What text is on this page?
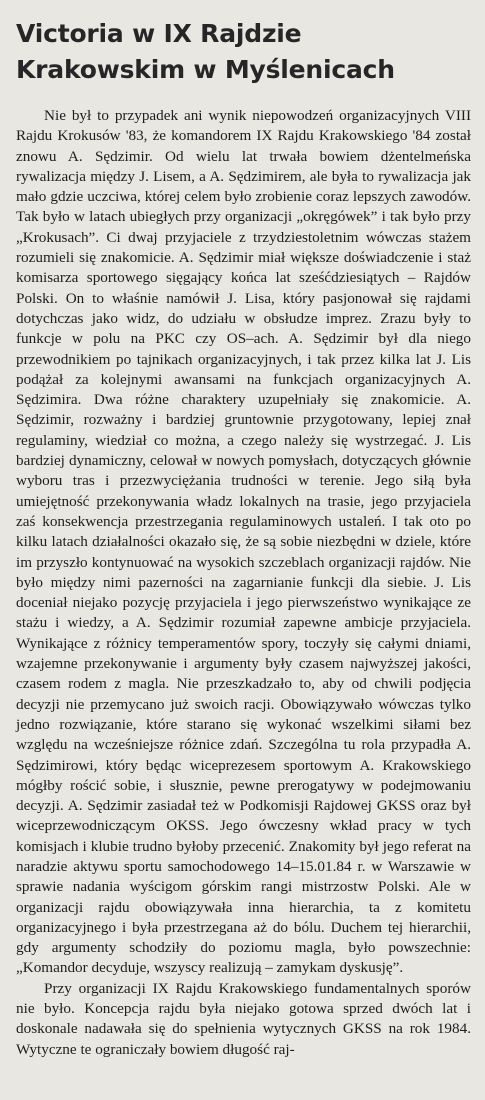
Victoria w IX Rajdzie
Krakowskim w Myślenicach

Nie był to przypadek ani wynik niepowodzeń organizacyjnych VIII Rajdu Krokusów '83, że komandorem IX Rajdu Krakowskiego '84 został znowu A. Sędzimir. Od wielu lat trwała bowiem dżentelmeńska rywalizacja między J. Lisem, a A. Sędzimirem, ale była to rywalizacja jak mało gdzie uczciwa, której celem było zrobienie coraz lepszych zawodów. Tak było w latach ubiegłych przy organizacji „okręgówek” i tak było przy „Krokusach”. Ci dwaj przyjaciele z trzydziestoletnim wówczas stażem rozumieli się znakomicie. A. Sędzimir miał większe doświadczenie i staż komisarza sportowego sięgający końca lat sześćdziesiątych – Rajdów Polski. On to właśnie namówił J. Lisa, który pasjonował się rajdami dotychczas jako widz, do udziału w obsłudze imprez. Zrazu były to funkcje w polu na PKC czy OS–ach. A. Sędzimir był dla niego przewodnikiem po tajnikach organizacyjnych, i tak przez kilka lat J. Lis podążał za kolejnymi awansami na funkcjach organizacyjnych A. Sędzimira. Dwa różne charaktery uzupełniały się znakomicie. A. Sędzimir, rozważny i bardziej gruntownie przygotowany, lepiej znał regulaminy, wiedział co można, a czego należy się wystrzegać. J. Lis bardziej dynamiczny, celował w nowych pomysłach, dotyczących głównie wyboru tras i przezwyciężania trudności w terenie. Jego siłą była umiejętność przekonywania władz lokalnych na trasie, jego przyjaciela zaś konsekwencja przestrzegania regulaminowych ustaleń. I tak oto po kilku latach działalności okazało się, że są sobie niezbędni w dziele, które im przyszło kontynuować na wysokich szczeblach organizacji rajdów. Nie było między nimi pazerności na zagarnianie funkcji dla siebie. J. Lis doceniał niejako pozycję przyjaciela i jego pierwszeństwo wynikające ze stażu i wiedzy, a A. Sędzimir rozumiał zapewne ambicje przyjaciela. Wynikające z różnicy temperamentów spory, toczyły się całymi dniami, wzajemne przekonywanie i argumenty były czasem najwyższej jakości, czasem rodem z magla. Nie przeszkadzało to, aby od chwili podjęcia decyzji nie przemycano już swoich racji. Obowiązywało wówczas tylko jedno rozwiązanie, które starano się wykonać wszelkimi siłami bez względu na wcześniejsze różnice zdań. Szczególna tu rola przypadła A. Sędzimirowi, który będąc wiceprezesem sportowym A. Krakowskiego mógłby rościć sobie, i słusznie, pewne prerogatywy w podejmowaniu decyzji. A. Sędzimir zasiadał też w Podkomisji Rajdowej GKSS oraz był wiceprzewodniczącym OKSS. Jego ówczesny wkład pracy w tych komisjach i klubie trudno byłoby przecenić. Znakomity był jego referat na naradzie aktywu sportu samochodowego 14–15.01.84 r. w Warszawie w sprawie nadania wyścigom górskim rangi mistrzostw Polski. Ale w organizacji rajdu obowiązywała inna hierarchia, ta z komitetu organizacyjnego i była przestrzegana aż do bólu. Duchem tej hierarchii, gdy argumenty schodziły do poziomu magla, było powszechnie: „Komandor decyduje, wszyscy realizują – zamykam dyskusję”.

Przy organizacji IX Rajdu Krakowskiego fundamentalnych sporów nie było. Koncepcja rajdu była niejako gotowa sprzed dwóch lat i doskonale nadawała się do spełnienia wytycznych GKSS na rok 1984. Wytyczne te ograniczały bowiem długość raj-
